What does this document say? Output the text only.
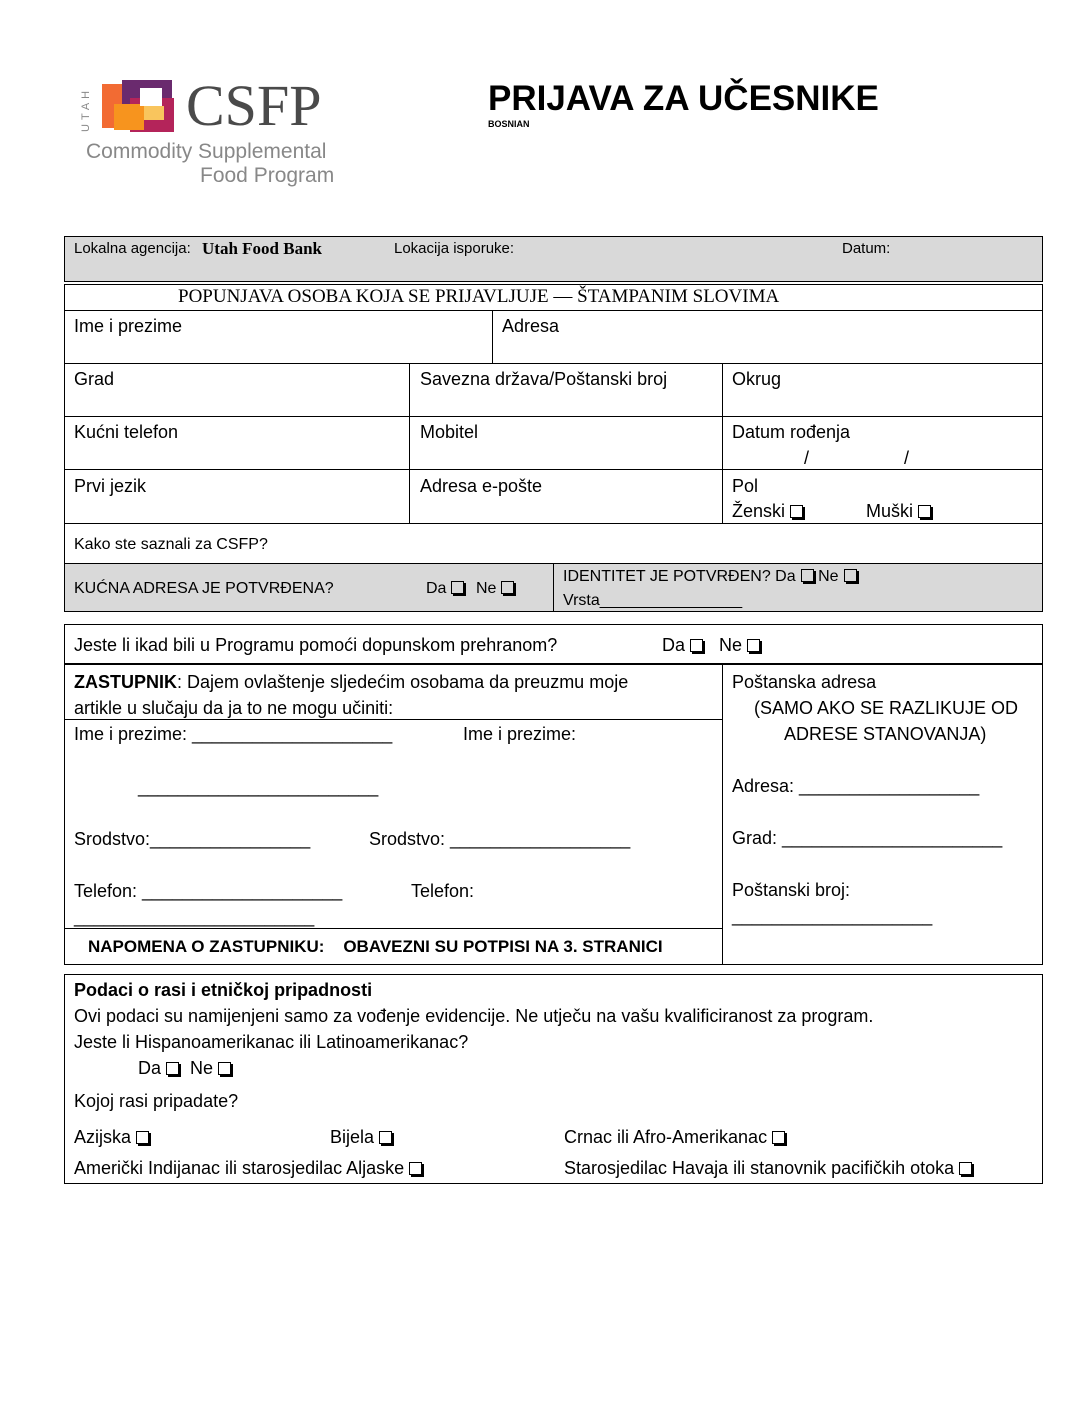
UTAH CSFP
Commodity Supplemental
Food Program
PRIJAVA ZA UČESNIKE
BOSNIAN
Lokalna agencija: Utah Food Bank	Lokacija isporuke:	Datum:
POPUNJAVA OSOBA KOJA SE PRIJAVLJUJE — ŠTAMPANIM SLOVIMA
Ime i prezime	Adresa
Grad	Savezna država/Poštanski broj	Okrug
Kućni telefon	Mobitel	Datum rođenja
/	/
Prvi jezik	Adresa e-pošte	Pol
Ženski	Muški
Kako ste saznali za CSFP?
KUĆNA ADRESA JE POTVRĐENA?	Da	Ne
IDENTITET JE POTVRĐEN? Da Ne
Vrsta________________
Jeste li ikad bili u Programu pomoći dopunskom prehranom?	Da	Ne
ZASTUPNIK: Dajem ovlaštenje sljedećim osobama da preuzmu moje
artikle u slučaju da ja to ne mogu učiniti:
Ime i prezime: ____________________	Ime i prezime:
________________________
Srodstvo:________________	Srodstvo: __________________
Telefon: ____________________	Telefon:
________________________
NAPOMENA O ZASTUPNIKU:    OBAVEZNI SU POTPISI NA 3. STRANICI
Poštanska adresa
(SAMO AKO SE RAZLIKUJE OD
ADRESE STANOVANJA)
Adresa: __________________
Grad: ______________________
Poštanski broj:
____________________
Podaci o rasi i etničkoj pripadnosti
Ovi podaci su namijenjeni samo za vođenje evidencije. Ne utječu na vašu kvalificiranost za program.
Jeste li Hispanoamerikanac ili Latinoamerikanac?
Da	Ne
Kojoj rasi pripadate?
Azijska	Bijela	Crnac ili Afro-Amerikanac
Američki Indijanac ili starosjedilac Aljaske	Starosjedilac Havaja ili stanovnik pacifičkih otoka
